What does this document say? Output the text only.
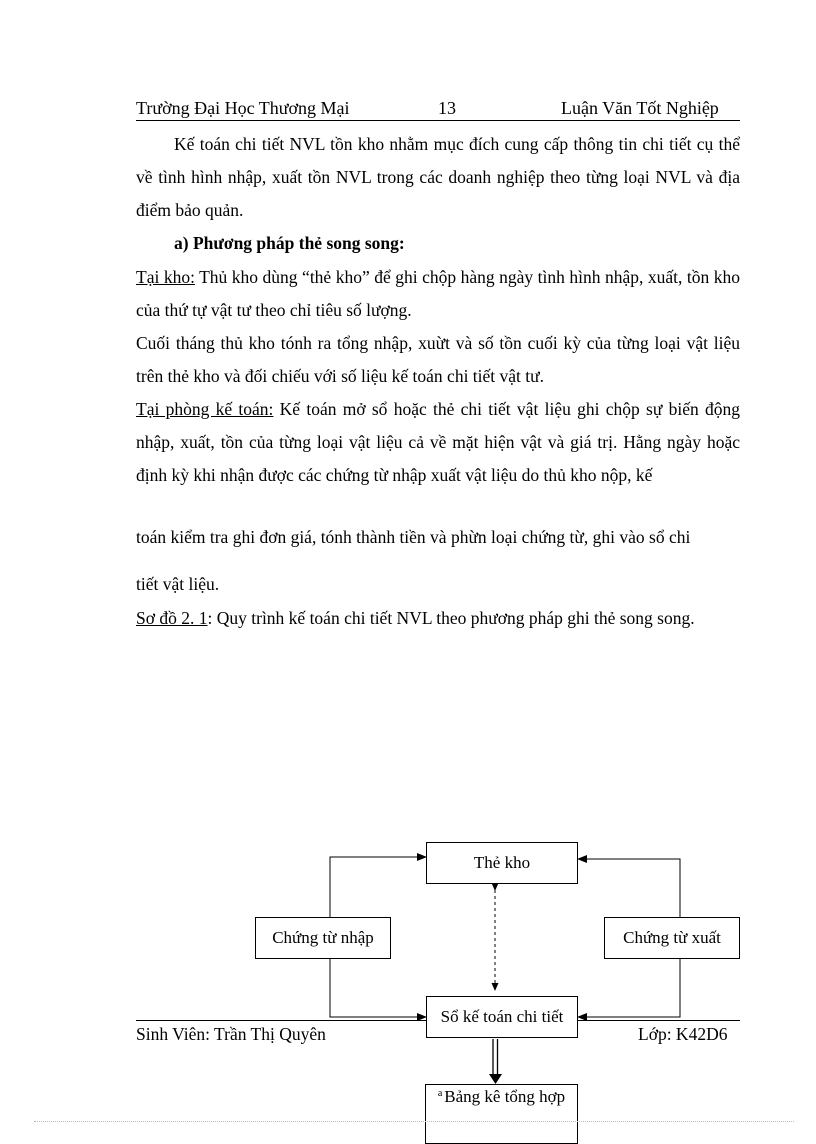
Trường Đại Học Thương Mại	13	Luận Văn Tốt Nghiệp
Kế toán chi tiết NVL tồn kho nhằm mục đích cung cấp thông tin chi tiết cụ thể về tình hình nhập, xuất tồn NVL trong các doanh nghiệp theo từng loại NVL và địa điểm bảo quản.
a) Phương pháp thẻ song song:
Tại kho: Thủ kho dùng “thẻ kho” để ghi chộp hàng ngày tình hình nhập, xuất, tồn kho của thứ tự vật tư theo chỉ tiêu số lượng.
Cuối tháng thủ kho tónh ra tổng nhập, xuừt và số tồn cuối kỳ của từng loại vật liệu trên thẻ kho và đối chiếu với số liệu kế toán chi tiết vật tư.
Tại phòng kế toán: Kế toán mở sổ hoặc thẻ chi tiết vật liệu ghi chộp sự biến động nhập, xuất, tồn của từng loại vật liệu cả về mặt hiện vật và giá trị. Hằng ngày hoặc định kỳ khi nhận được các chứng từ nhập xuất vật liệu do thủ kho nộp, kế
toán kiểm tra ghi đơn giá, tónh thành tiền và phừn loại chứng từ, ghi vào sổ chi
tiết vật liệu.
Sơ đồ 2. 1: Quy trình kế toán chi tiết NVL theo phương pháp ghi thẻ song song.
Thẻ kho
Chứng từ nhập	Chứng từ xuất
Sổ kế toán chi tiết
a Bảng kê tổng hợp
Sinh Viên: Trần Thị Quyên	Lớp: K42D6
